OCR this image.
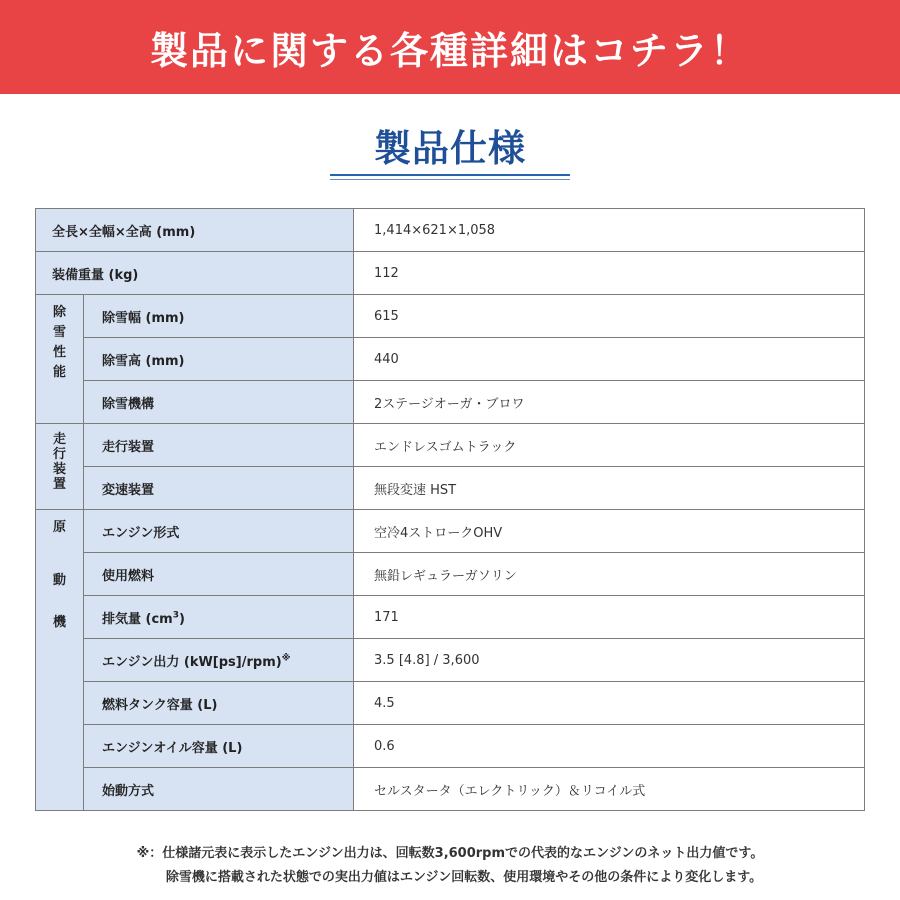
製品に関する各種詳細はコチラ！
製品仕様
全長×全幅×全高 (mm)		1,414×621×1,058
装備重量 (kg)		112

除
雪
性
能	除雪幅 (mm)	615
	除雪高 (mm)	440
	除雪機構	2ステージオーガ・ブロワ

走
行
装
置	走行装置	エンドレスゴムトラック
	変速装置	無段変速 HST

原
動
機	エンジン形式	空冷4ストロークOHV
	使用燃料	無鉛レギュラーガソリン
	排気量 $(cm^3)$	171
	エンジン出力 (kW[ps]/rpm)※	3.5 [4.8] / 3,600
	燃料タンク容量 (L)	4.5
	エンジンオイル容量 (L)	0.6
	始動方式	セルスタータ（エレクトリック）＆リコイル式
※：仕様諸元表に表示したエンジン出力は、回転数3,600rpmでの代表的なエンジンのネット出力値です。
除雪機に搭載された状態での実出力値はエンジン回転数、使用環境やその他の条件により変化します。
